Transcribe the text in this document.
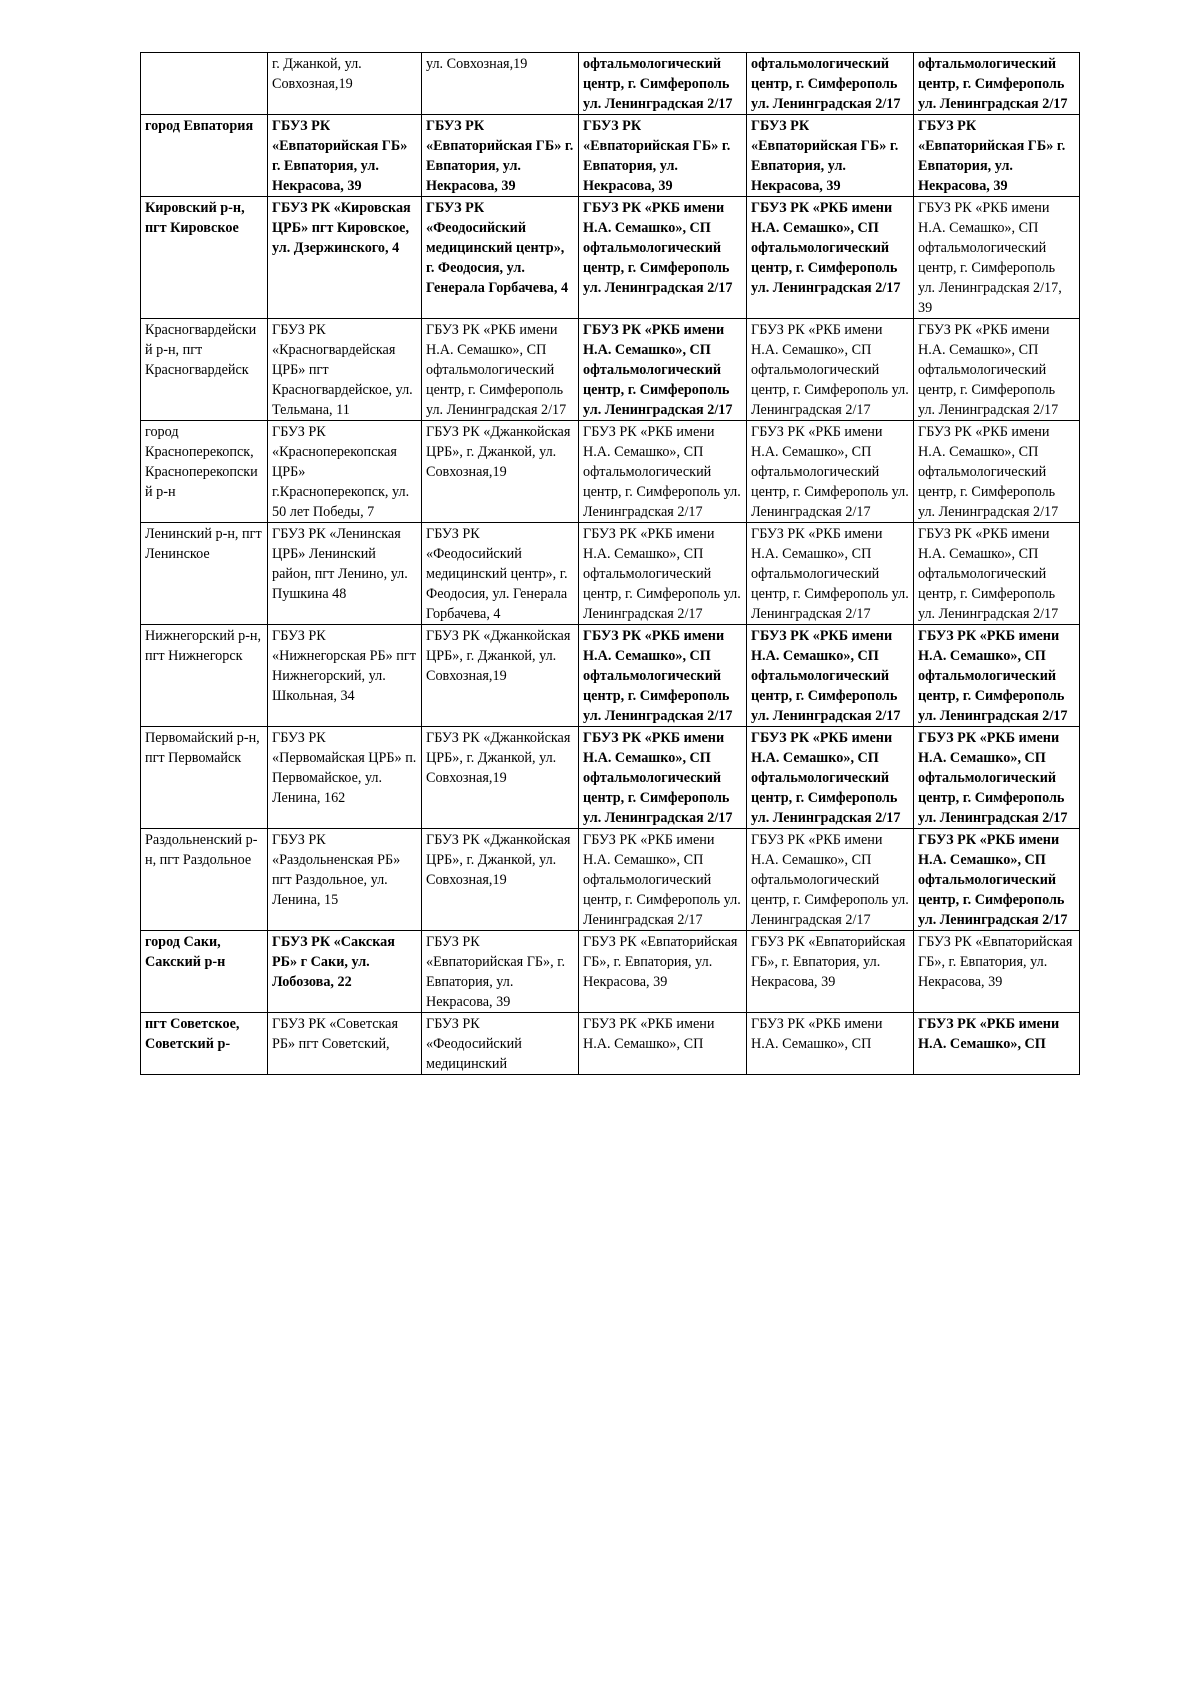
	г. Джанкой, ул. Совхозная,19	ул. Совхозная,19	офтальмологический центр, г. Симферополь ул. Ленинградская 2/17	офтальмологический центр, г. Симферополь ул. Ленинградская 2/17	офтальмологический центр, г. Симферополь ул. Ленинградская 2/17
город Евпатория	ГБУЗ РК «Евпаторийская ГБ» г. Евпатория, ул. Некрасова, 39	ГБУЗ РК «Евпаторийская ГБ» г. Евпатория, ул. Некрасова, 39	ГБУЗ РК «Евпаторийская ГБ» г. Евпатория, ул. Некрасова, 39	ГБУЗ РК «Евпаторийская ГБ» г. Евпатория, ул. Некрасова, 39	ГБУЗ РК «Евпаторийская ГБ» г. Евпатория, ул. Некрасова, 39
Кировский р-н, пгт Кировское	ГБУЗ РК «Кировская ЦРБ» пгт Кировское, ул. Дзержинского, 4	ГБУЗ РК «Феодосийский медицинский центр», г. Феодосия, ул. Генерала Горбачева, 4	ГБУЗ РК «РКБ имени Н.А. Семашко», СП офтальмологический центр, г. Симферополь ул. Ленинградская 2/17	ГБУЗ РК «РКБ имени Н.А. Семашко», СП офтальмологический центр, г. Симферополь ул. Ленинградская 2/17	ГБУЗ РК «РКБ имени Н.А. Семашко», СП офтальмологический центр, г. Симферополь ул. Ленинградская 2/17, 39
Красногвардейский р-н, пгт Красногвардейск	ГБУЗ РК «Красногвардейская ЦРБ» пгт Красногвардейское, ул. Тельмана, 11	ГБУЗ РК «РКБ имени Н.А. Семашко», СП офтальмологический центр, г. Симферополь ул. Ленинградская 2/17	ГБУЗ РК «РКБ имени Н.А. Семашко», СП офтальмологический центр, г. Симферополь ул. Ленинградская 2/17	ГБУЗ РК «РКБ имени Н.А. Семашко», СП офтальмологический центр, г. Симферополь ул. Ленинградская 2/17	ГБУЗ РК «РКБ имени Н.А. Семашко», СП офтальмологический центр, г. Симферополь ул. Ленинградская 2/17
город Красноперекопск, Красноперекопский р-н	ГБУЗ РК «Красноперекопская ЦРБ» г.Красноперекопск, ул. 50 лет Победы, 7	ГБУЗ РК «Джанкойская ЦРБ», г. Джанкой, ул. Совхозная,19	ГБУЗ РК «РКБ имени Н.А. Семашко», СП офтальмологический центр, г. Симферополь ул. Ленинградская 2/17	ГБУЗ РК «РКБ имени Н.А. Семашко», СП офтальмологический центр, г. Симферополь ул. Ленинградская 2/17	ГБУЗ РК «РКБ имени Н.А. Семашко», СП офтальмологический центр, г. Симферополь ул. Ленинградская 2/17
Ленинский р-н, пгт Ленинское	ГБУЗ РК «Ленинская ЦРБ» Ленинский район, пгт Ленино, ул. Пушкина 48	ГБУЗ РК «Феодосийский медицинский центр», г. Феодосия, ул. Генерала Горбачева, 4	ГБУЗ РК «РКБ имени Н.А. Семашко», СП офтальмологический центр, г. Симферополь ул. Ленинградская 2/17	ГБУЗ РК «РКБ имени Н.А. Семашко», СП офтальмологический центр, г. Симферополь ул. Ленинградская 2/17	ГБУЗ РК «РКБ имени Н.А. Семашко», СП офтальмологический центр, г. Симферополь ул. Ленинградская 2/17
Нижнегорский р-н, пгт Нижнегорск	ГБУЗ РК «Нижнегорская РБ» пгт Нижнегорский, ул. Школьная, 34	ГБУЗ РК «Джанкойская ЦРБ», г. Джанкой, ул. Совхозная,19	ГБУЗ РК «РКБ имени Н.А. Семашко», СП офтальмологический центр, г. Симферополь ул. Ленинградская 2/17	ГБУЗ РК «РКБ имени Н.А. Семашко», СП офтальмологический центр, г. Симферополь ул. Ленинградская 2/17	ГБУЗ РК «РКБ имени Н.А. Семашко», СП офтальмологический центр, г. Симферополь ул. Ленинградская 2/17
Первомайский р-н, пгт Первомайск	ГБУЗ РК «Первомайская ЦРБ» п. Первомайское, ул. Ленина, 162	ГБУЗ РК «Джанкойская ЦРБ», г. Джанкой, ул. Совхозная,19	ГБУЗ РК «РКБ имени Н.А. Семашко», СП офтальмологический центр, г. Симферополь ул. Ленинградская 2/17	ГБУЗ РК «РКБ имени Н.А. Семашко», СП офтальмологический центр, г. Симферополь ул. Ленинградская 2/17	ГБУЗ РК «РКБ имени Н.А. Семашко», СП офтальмологический центр, г. Симферополь ул. Ленинградская 2/17
Раздольненский р-н, пгт Раздольное	ГБУЗ РК «Раздольненская РБ» пгт Раздольное, ул. Ленина, 15	ГБУЗ РК «Джанкойская ЦРБ», г. Джанкой, ул. Совхозная,19	ГБУЗ РК «РКБ имени Н.А. Семашко», СП офтальмологический центр, г. Симферополь ул. Ленинградская 2/17	ГБУЗ РК «РКБ имени Н.А. Семашко», СП офтальмологический центр, г. Симферополь ул. Ленинградская 2/17	ГБУЗ РК «РКБ имени Н.А. Семашко», СП офтальмологический центр, г. Симферополь ул. Ленинградская 2/17
город Саки, Сакский р-н	ГБУЗ РК «Сакская РБ» г Саки, ул. Лобозова, 22	ГБУЗ РК «Евпаторийская ГБ», г. Евпатория, ул. Некрасова, 39	ГБУЗ РК «Евпаторийская ГБ», г. Евпатория, ул. Некрасова, 39	ГБУЗ РК «Евпаторийская ГБ», г. Евпатория, ул. Некрасова, 39	ГБУЗ РК «Евпаторийская ГБ», г. Евпатория, ул. Некрасова, 39
пгт Советское, Советский р-	ГБУЗ РК «Советская РБ» пгт Советский,	ГБУЗ РК «Феодосийский медицинский	ГБУЗ РК «РКБ имени Н.А. Семашко», СП	ГБУЗ РК «РКБ имени Н.А. Семашко», СП	ГБУЗ РК «РКБ имени Н.А. Семашко», СП
